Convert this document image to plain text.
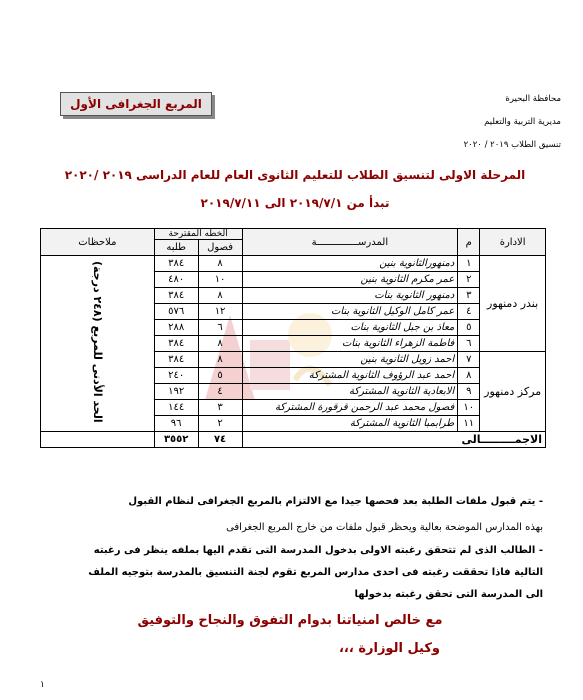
محافظة البحيرة
مديرية التربية والتعليم
تنسيق الطلاب ٢٠١٩ / ٢٠٢٠
المربع الجغرافى الأول
المرحلة الاولى لتنسيق الطلاب للتعليم الثانوى العام للعام الدراسى ٢٠١٩ /٢٠٢٠
تبدأ من ٢٠١٩/٧/١ الى ٢٠١٩/٧/١١
الادارة	م	المدرســــــــــــــة	الخطه المقترحة		ملاحظات
			فصول	طلبه	
بندر دمنهور	١	دمنهورالثانوية بنين	٨	٣٨٤	الحد الأدنى للمربع (٢٤٨ درجة)
	٢	عمر مكرم الثانوية بنين	١٠	٤٨٠	
	٣	دمنهور الثانوية بنات	٨	٣٨٤	
	٤	عمر كامل الوكيل الثانوية بنات	١٢	٥٧٦	
	٥	معاذ بن جبل الثانوية بنات	٦	٢٨٨	
	٦	فاطمة الزهراء الثانوية بنات	٨	٣٨٤	
مركز دمنهور	٧	احمد زويل الثانوية بنين	٨	٣٨٤	
	٨	احمد عبد الرؤوف الثانوية المشتركة	٥	٢٤٠	
	٩	الابعادية الثانوية المشتركة	٤	١٩٢	
	١٠	فصول محمد عبد الرحمن قرقورة المشتركة	٣	١٤٤	
	١١	طرابمبا الثانوية المشتركة	٢	٩٦	
الاجمـــــــــالى			٧٤	٣٥٥٢	
- يتم قبول ملفات الطلبة بعد فحصها جيدا مع الالتزام بالمربع الجغرافى لنظام القبول
بهذه المدارس الموضحة بعالية ويحظر قبول ملفات من خارج المربع الجغرافى
- الطالب الذى لم تتحقق رغبته الاولى بدخول المدرسة التى تقدم اليها بملفه ينظر فى رغبته
التالية فاذا تحققت رغبته فى احدى مدارس المربع تقوم لجنة التنسيق بالمدرسة بتوجيه الملف
الى المدرسة التى تحقق رغبته بدخولها
مع خالص امنياتنا بدوام التفوق والنجاح والتوفيق
وكيل الوزارة ،،،
١
